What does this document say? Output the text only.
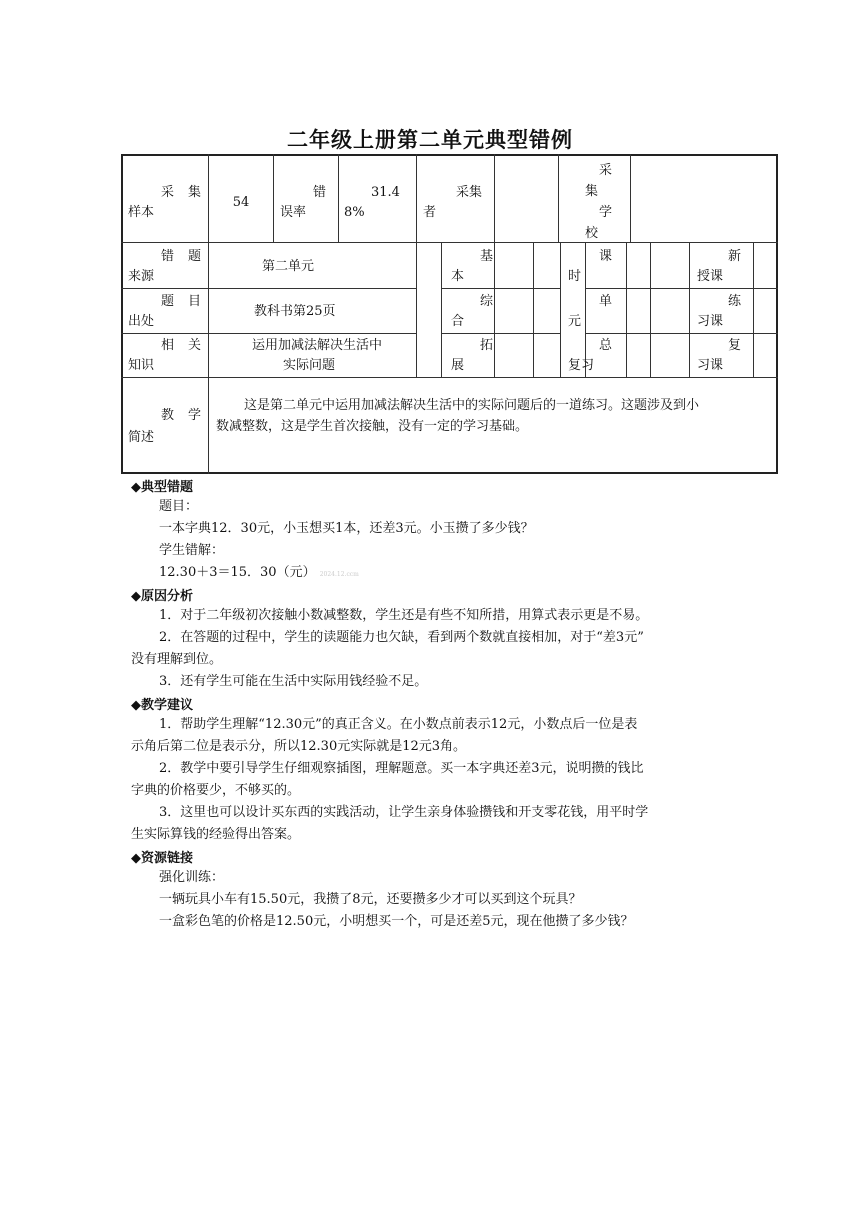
二年级上册第二单元典型错例
采　集
样本
54
错
误率
31.4
8%
采集
者
采
集
学
校
错　题
来源
第二单元
基
本
课
时
新
授课
题　目
出处
教科书第25页
综
合
单
元
练
习课
相　关
知识
运用加减法解决生活中
实际问题
拓
展
总
复习
复
习课
教　学
简述
这是第二单元中运用加减法解决生活中的实际问题后的一道练习。这题涉及到小
数减整数，这是学生首次接触，没有一定的学习基础。
◆典型错题
题目：
一本字典12．30元，小玉想买1本，还差3元。小玉攒了多少钱？
学生错解：
12.30＋3＝15．30（元） 2024.12.ccm
◆原因分析
1．对于二年级初次接触小数减整数，学生还是有些不知所措，用算式表示更是不易。
2．在答题的过程中，学生的读题能力也欠缺，看到两个数就直接相加，对于“差3元”
没有理解到位。
3．还有学生可能在生活中实际用钱经验不足。
◆教学建议
1．帮助学生理解“12.30元”的真正含义。在小数点前表示12元，小数点后一位是表
示角后第二位是表示分，所以12.30元实际就是12元3角。
2．教学中要引导学生仔细观察插图，理解题意。买一本字典还差3元，说明攒的钱比
字典的价格要少，不够买的。
3．这里也可以设计买东西的实践活动，让学生亲身体验攒钱和开支零花钱，用平时学
生实际算钱的经验得出答案。
◆资源链接
强化训练：
一辆玩具小车有15.50元，我攒了8元，还要攒多少才可以买到这个玩具？
一盒彩色笔的价格是12.50元，小明想买一个，可是还差5元，现在他攒了多少钱？
